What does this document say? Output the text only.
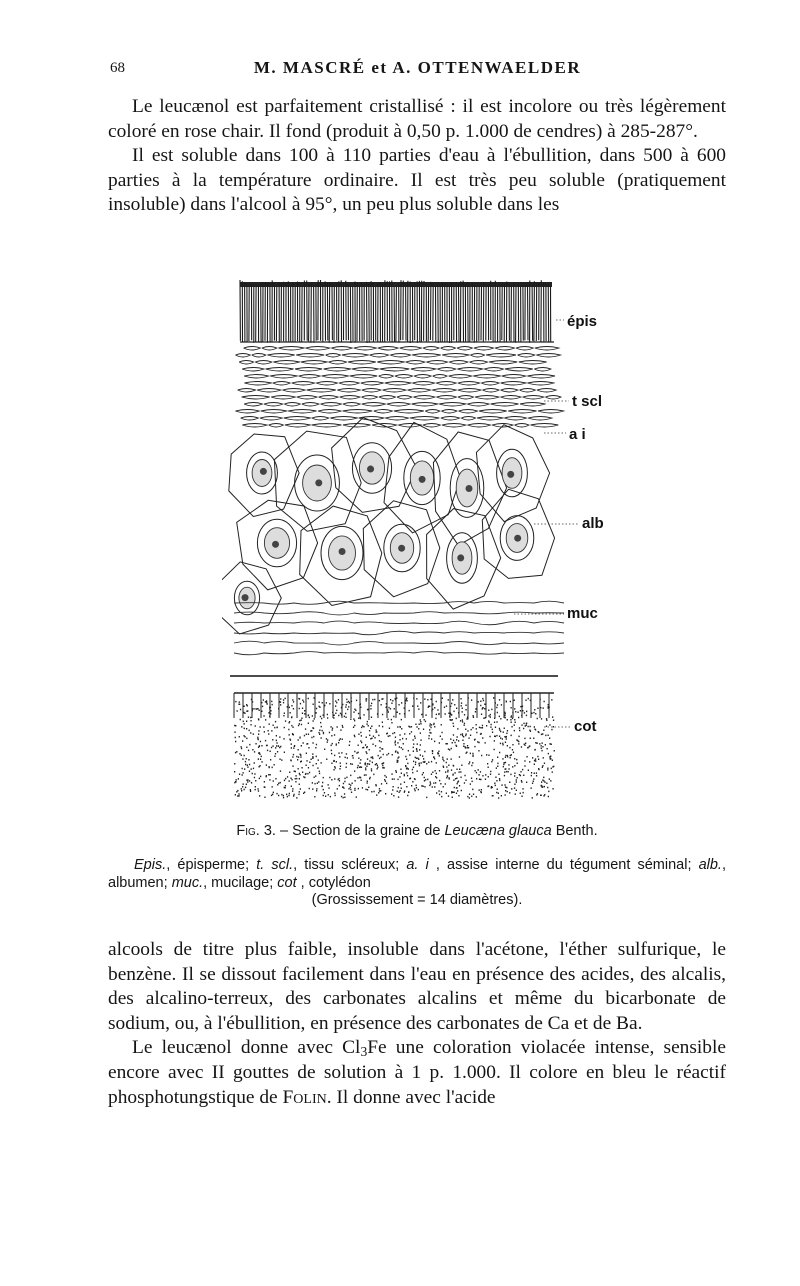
68	M. MASCRÉ et A. OTTENWAELDER

Le leucænol est parfaitement cristallisé : il est incolore ou très légèrement coloré en rose chair. Il fond (produit à 0,50 p. 1.000 de cendres) à 285-287°.

Il est soluble dans 100 à 110 parties d'eau à l'ébullition, dans 500 à 600 parties à la température ordinaire. Il est très peu soluble (pratiquement insoluble) dans l'alcool à 95°, un peu plus soluble dans les

épis
t scl
a i
alb
muc
cot
Fig. 3. – Section de la graine de Leucæna glauca Benth.
Epis., épisperme; t. scl., tissu scléreux; a. i , assise interne du tégument séminal; alb., albumen; muc., mucilage; cot , cotylédon
(Grossissement = 14 diamètres).

alcools de titre plus faible, insoluble dans l'acétone, l'éther sulfurique, le benzène. Il se dissout facilement dans l'eau en présence des acides, des alcalis, des alcalino-terreux, des carbonates alcalins et même du bicarbonate de sodium, ou, à l'ébullition, en présence des carbonates de Ca et de Ba.

Le leucænol donne avec $Cl_3Fe$ une coloration violacée intense, sensible encore avec II gouttes de solution à 1 p. 1.000. Il colore en bleu le réactif phosphotungstique de Folin. Il donne avec l'acide
